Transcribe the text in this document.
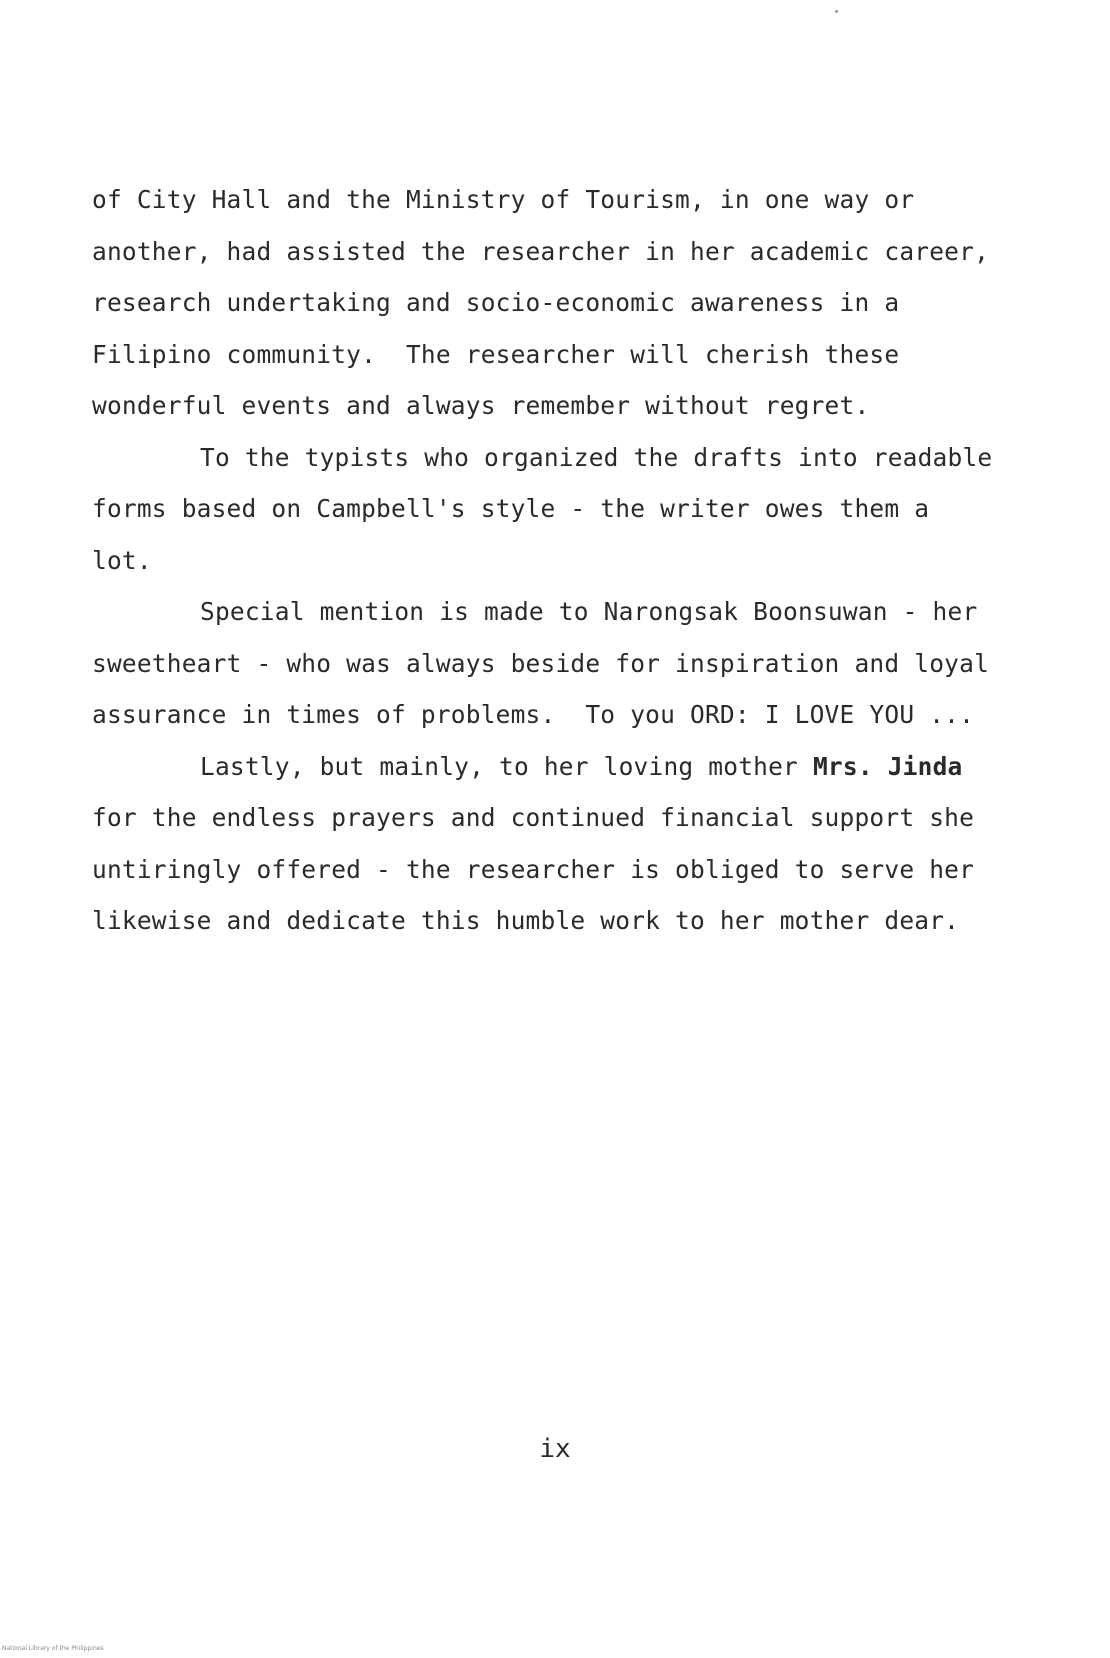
of City Hall and the Ministry of Tourism, in one way or
another, had assisted the researcher in her academic career,
research undertaking and socio-economic awareness in a
Filipino community.  The researcher will cherish these
wonderful events and always remember without regret.
To the typists who organized the drafts into readable
forms based on Campbell's style - the writer owes them a
lot.
Special mention is made to Narongsak Boonsuwan - her
sweetheart - who was always beside for inspiration and loyal
assurance in times of problems.  To you ORD: I LOVE YOU ...
Lastly, but mainly, to her loving mother Mrs. Jinda
for the endless prayers and continued financial support she
untiringly offered - the researcher is obliged to serve her
likewise and dedicate this humble work to her mother dear.
ix
National Library of the Philippines
